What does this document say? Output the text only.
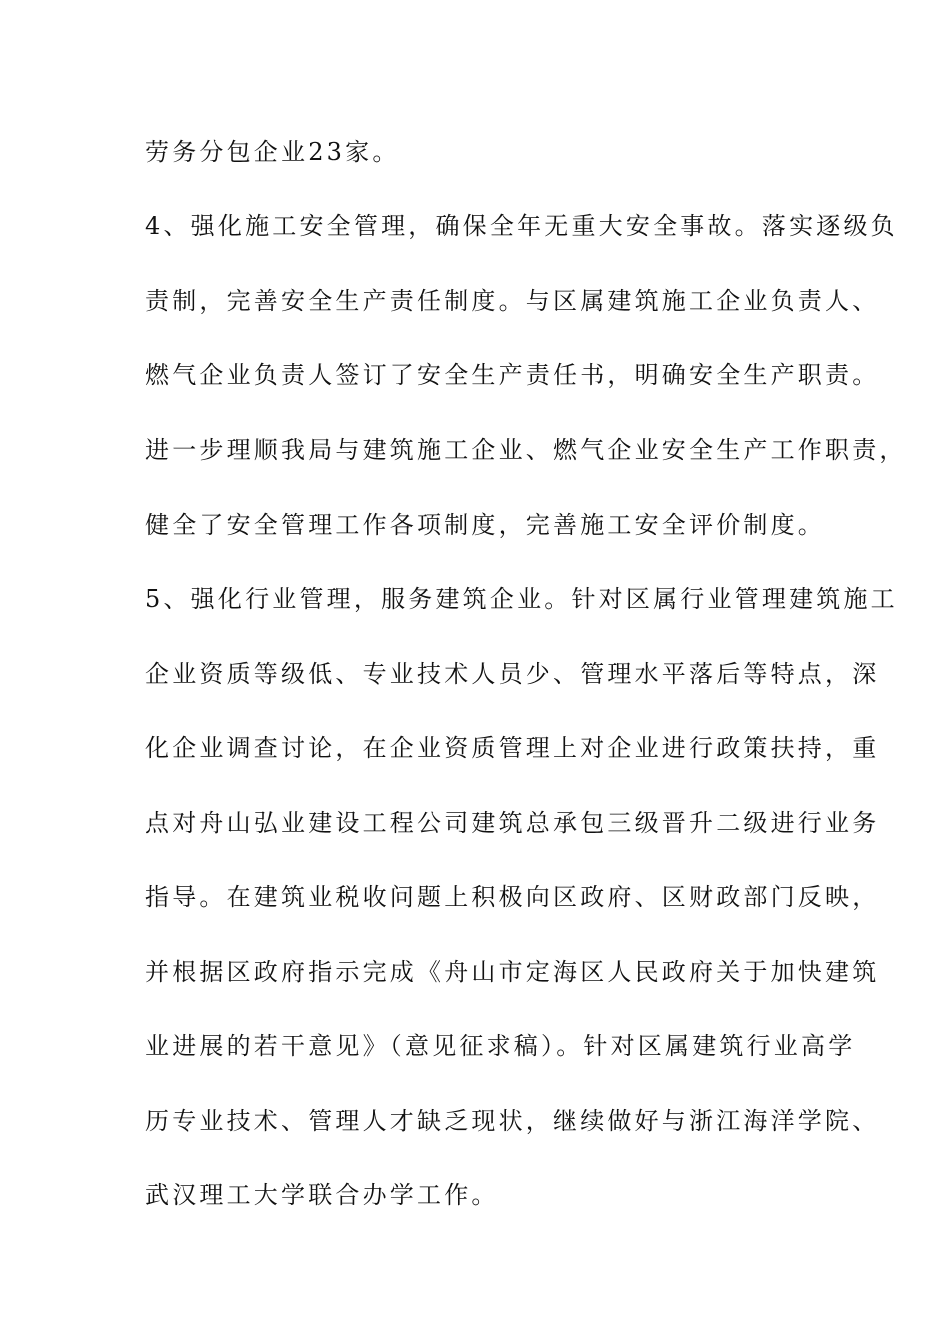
劳务分包企业23家。
4、强化施工安全管理，确保全年无重大安全事故。落实逐级负
责制，完善安全生产责任制度。与区属建筑施工企业负责人、
燃气企业负责人签订了安全生产责任书，明确安全生产职责。
进一步理顺我局与建筑施工企业、燃气企业安全生产工作职责，
健全了安全管理工作各项制度，完善施工安全评价制度。
5、强化行业管理，服务建筑企业。针对区属行业管理建筑施工
企业资质等级低、专业技术人员少、管理水平落后等特点，深
化企业调查讨论，在企业资质管理上对企业进行政策扶持，重
点对舟山弘业建设工程公司建筑总承包三级晋升二级进行业务
指导。在建筑业税收问题上积极向区政府、区财政部门反映，
并根据区政府指示完成《舟山市定海区人民政府关于加快建筑
业进展的若干意见》（意见征求稿）。针对区属建筑行业高学
历专业技术、管理人才缺乏现状，继续做好与浙江海洋学院、
武汉理工大学联合办学工作。
